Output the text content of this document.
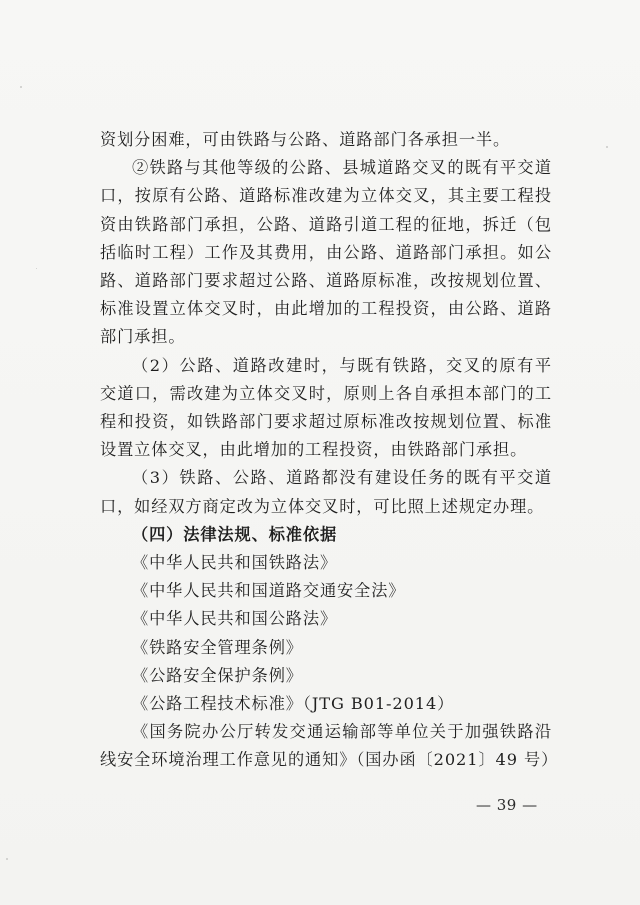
资划分困难，可由铁路与公路、道路部门各承担一半。

②铁路与其他等级的公路、县城道路交叉的既有平交道口，按原有公路、道路标准改建为立体交叉，其主要工程投资由铁路部门承担，公路、道路引道工程的征地，拆迁（包括临时工程）工作及其费用，由公路、道路部门承担。如公路、道路部门要求超过公路、道路原标准，改按规划位置、标准设置立体交叉时，由此增加的工程投资，由公路、道路部门承担。

（2）公路、道路改建时，与既有铁路，交叉的原有平交道口，需改建为立体交叉时，原则上各自承担本部门的工程和投资，如铁路部门要求超过原标准改按规划位置、标准设置立体交叉，由此增加的工程投资，由铁路部门承担。

（3）铁路、公路、道路都没有建设任务的既有平交道口，如经双方商定改为立体交叉时，可比照上述规定办理。

（四）法律法规、标准依据

《中华人民共和国铁路法》

《中华人民共和国道路交通安全法》

《中华人民共和国公路法》

《铁路安全管理条例》

《公路安全保护条例》

《公路工程技术标准》（JTG B01-2014）

《国务院办公厅转发交通运输部等单位关于加强铁路沿线安全环境治理工作意见的通知》（国办函〔2021〕49 号）

— 39 —
